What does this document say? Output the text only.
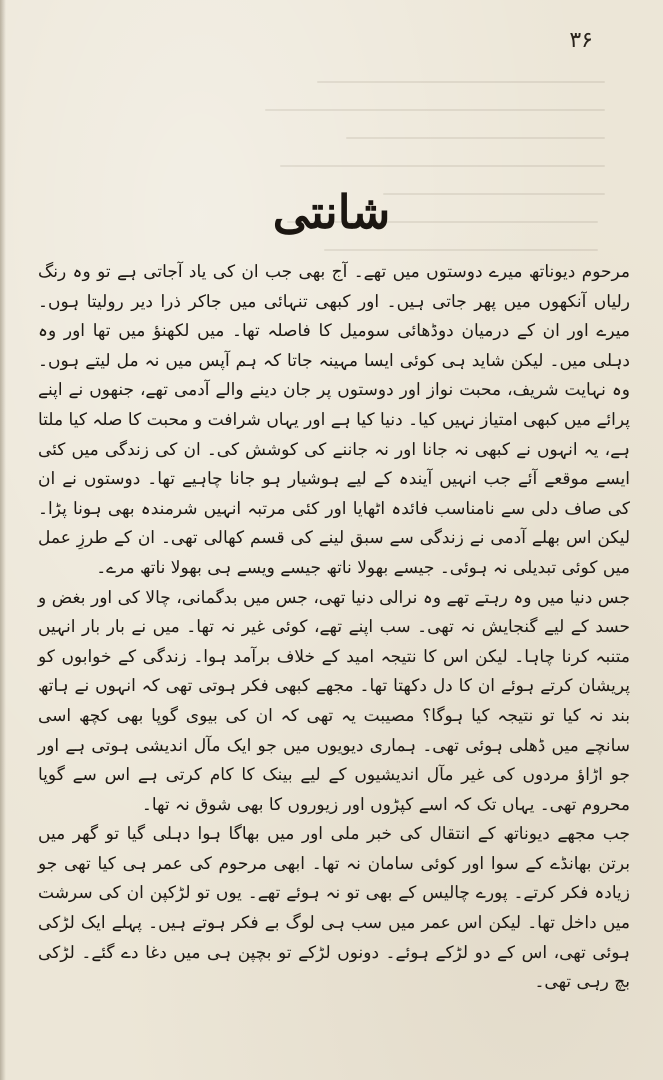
۳۶
شانتی

مرحوم دیوناتھ میرے دوستوں میں تھے۔ آج بھی جب ان کی یاد آجاتی ہے تو وہ رنگ رلیاں آنکھوں میں پھر جاتی ہیں۔ اور کبھی تنہائی میں جاکر ذرا دیر رولیتا ہوں۔ میرے اور ان کے درمیان دوڈھائی سومیل کا فاصلہ تھا۔ میں لکھنؤ میں تھا اور وہ دہلی میں۔ لیکن شاید ہی کوئی ایسا مہینہ جاتا کہ ہم آپس میں نہ مل لیتے ہوں۔ وہ نہایت شریف، محبت نواز اور دوستوں پر جان دینے والے آدمی تھے، جنھوں نے اپنے پرائے میں کبھی امتیاز نہیں کیا۔ دنیا کیا ہے اور یہاں شرافت و محبت کا صلہ کیا ملتا ہے، یہ انہوں نے کبھی نہ جانا اور نہ جاننے کی کوشش کی۔ ان کی زندگی میں کئی ایسے موقعے آئے جب انہیں آیندہ کے لیے ہوشیار ہو جانا چاہیے تھا۔ دوستوں نے ان کی صاف دلی سے نامناسب فائدہ اٹھایا اور کئی مرتبہ انہیں شرمندہ بھی ہونا پڑا۔ لیکن اس بھلے آدمی نے زندگی سے سبق لینے کی قسم کھالی تھی۔ ان کے طرزِ عمل میں کوئی تبدیلی نہ ہوئی۔ جیسے بھولا ناتھ جیسے ویسے ہی بھولا ناتھ مرے۔

جس دنیا میں وہ رہتے تھے وہ نرالی دنیا تھی، جس میں بدگمانی، چالا کی اور بغض و حسد کے لیے گنجایش نہ تھی۔ سب اپنے تھے، کوئی غیر نہ تھا۔ میں نے بار بار انہیں متنبہ کرنا چاہا۔ لیکن اس کا نتیجہ امید کے خلاف برآمد ہوا۔ زندگی کے خوابوں کو پریشان کرتے ہوئے ان کا دل دکھتا تھا۔ مجھے کبھی فکر ہوتی تھی کہ انہوں نے ہاتھ بند نہ کیا تو نتیجہ کیا ہوگا؟ مصیبت یہ تھی کہ ان کی بیوی گوپا بھی کچھ اسی سانچے میں ڈھلی ہوئی تھی۔ ہماری دیویوں میں جو ایک مآل اندیشی ہوتی ہے اور جو اڑاؤ مردوں کی غیر مآل اندیشیوں کے لیے بینک کا کام کرتی ہے اس سے گوپا محروم تھی۔ یہاں تک کہ اسے کپڑوں اور زیوروں کا بھی شوق نہ تھا۔

جب مجھے دیوناتھ کے انتقال کی خبر ملی اور میں بھاگا ہوا دہلی گیا تو گھر میں برتن بھانڈے کے سوا اور کوئی سامان نہ تھا۔ ابھی مرحوم کی عمر ہی کیا تھی جو زیادہ فکر کرتے۔ پورے چالیس کے بھی تو نہ ہوئے تھے۔ یوں تو لڑکپن ان کی سرشت میں داخل تھا۔ لیکن اس عمر میں سب ہی لوگ بے فکر ہوتے ہیں۔ پہلے ایک لڑکی ہوئی تھی، اس کے دو لڑکے ہوئے۔ دونوں لڑکے تو بچپن ہی میں دغا دے گئے۔ لڑکی بچ رہی تھی۔
